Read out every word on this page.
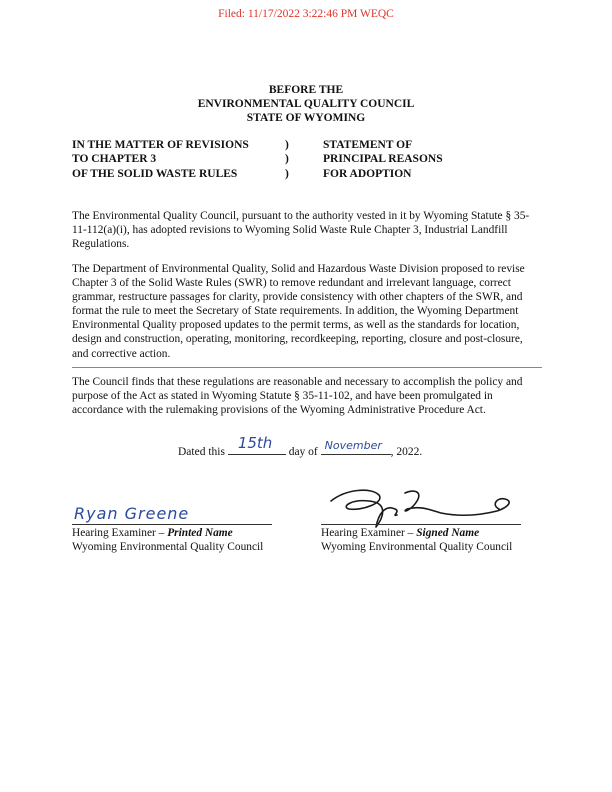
Filed: 11/17/2022 3:22:46 PM WEQC
BEFORE THE
ENVIRONMENTAL QUALITY COUNCIL
STATE OF WYOMING
IN THE MATTER OF REVISIONS
TO CHAPTER 3
OF THE SOLID WASTE RULES
)
)
)
STATEMENT OF
PRINCIPAL REASONS
FOR ADOPTION

The Environmental Quality Council, pursuant to the authority vested in it by Wyoming Statute § 35-11-112(a)(i), has adopted revisions to Wyoming Solid Waste Rule Chapter 3, Industrial Landfill Regulations.

The Department of Environmental Quality, Solid and Hazardous Waste Division proposed to revise Chapter 3 of the Solid Waste Rules (SWR) to remove redundant and irrelevant language, correct grammar, restructure passages for clarity, provide consistency with other chapters of the SWR, and format the rule to meet the Secretary of State requirements. In addition, the Wyoming Department Environmental Quality proposed updates to the permit terms, as well as the standards for location, design and construction, operating, monitoring, recordkeeping, reporting, closure and post-closure, and corrective action.

The Council finds that these regulations are reasonable and necessary to accomplish the policy and purpose of the Act as stated in Wyoming Statute § 35-11-102, and have been promulgated in accordance with the rulemaking provisions of the Wyoming Administrative Procedure Act.

Dated this 15th day of November , 2022.
Ryan Greene
Hearing Examiner – Printed Name
Wyoming Environmental Quality Council
Hearing Examiner – Signed Name
Wyoming Environmental Quality Council
